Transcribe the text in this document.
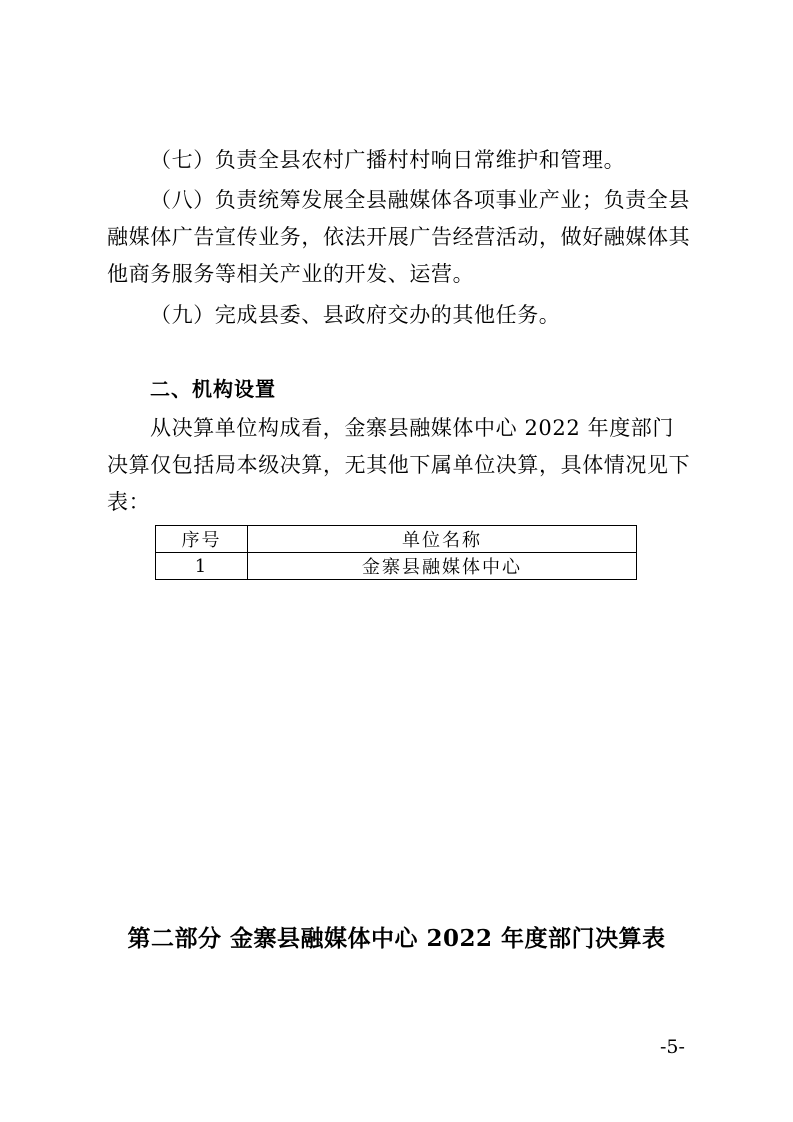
（七）负责全县农村广播村村响日常维护和管理。

（八）负责统筹发展全县融媒体各项事业产业；负责全县融媒体广告宣传业务，依法开展广告经营活动，做好融媒体其他商务服务等相关产业的开发、运营。

（九）完成县委、县政府交办的其他任务。

二、机构设置

从决算单位构成看，金寨县融媒体中心 2022 年度部门决算仅包括局本级决算，无其他下属单位决算，具体情况见下表：

序号	单位名称
1	金寨县融媒体中心
第二部分 金寨县融媒体中心 2022 年度部门决算表
-5-
